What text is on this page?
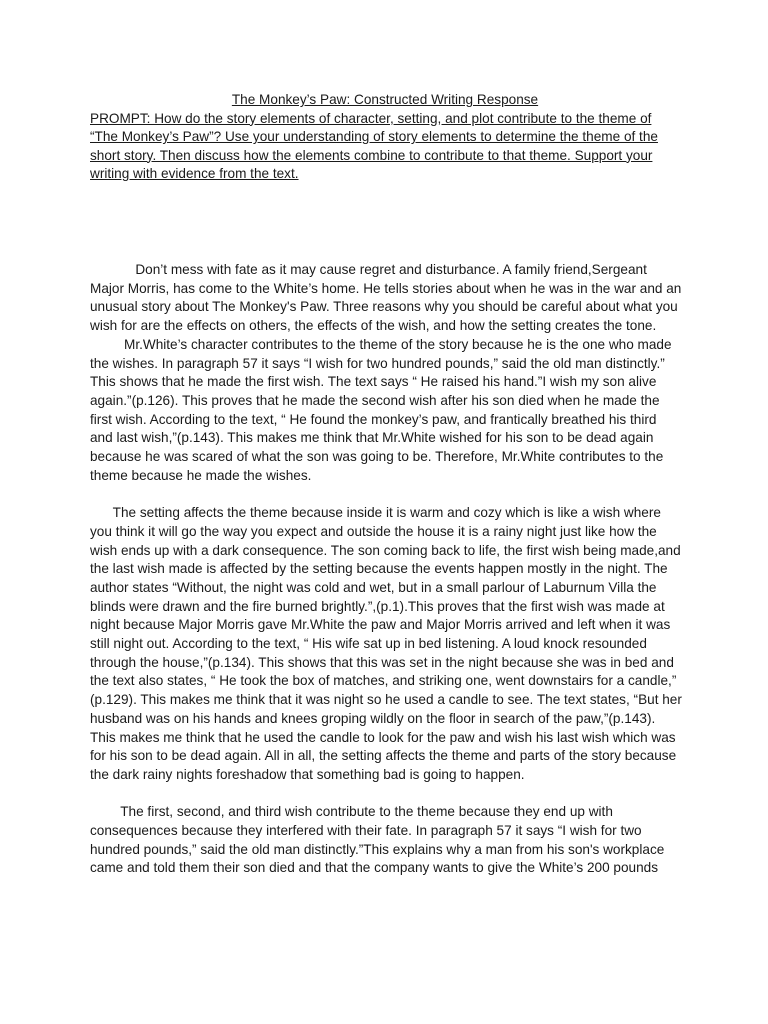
The Monkey’s Paw: Constructed Writing Response

PROMPT: How do the story elements of character, setting, and plot contribute to the theme of “The Monkey’s Paw”? Use your understanding of story elements to determine the theme of the short story. Then discuss how the elements combine to contribute to that theme. Support your writing with evidence from the text.

Don’t mess with fate as it may cause regret and disturbance. A family friend,Sergeant Major Morris, has come to the White’s home. He tells stories about when he was in the war and an unusual story about The Monkey's Paw. Three reasons why you should be careful about what you wish for are the effects on others, the effects of the wish, and how the setting creates the tone.

Mr.White’s character contributes to the theme of the story because he is the one who made the wishes. In paragraph 57 it says “I wish for two hundred pounds,” said the old man distinctly.” This shows that he made the first wish. The text says “ He raised his hand.”I wish my son alive again.”(p.126). This proves that he made the second wish after his son died when he made the first wish. According to the text, “ He found the monkey’s paw, and frantically breathed his third and last wish,”(p.143). This makes me think that Mr.White wished for his son to be dead again because he was scared of what the son was going to be. Therefore, Mr.White contributes to the theme because he made the wishes.

The setting affects the theme because inside it is warm and cozy which is like a wish where you think it will go the way you expect and outside the house it is a rainy night just like how the wish ends up with a dark consequence. The son coming back to life, the first wish being made,and the last wish made is affected by the setting because the events happen mostly in the night. The author states “Without, the night was cold and wet, but in a small parlour of Laburnum Villa the blinds were drawn and the fire burned brightly.”,(p.1).This proves that the first wish was made at night because Major Morris gave Mr.White the paw and Major Morris arrived and left when it was still night out. According to the text, “ His wife sat up in bed listening. A loud knock resounded through the house,”(p.134). This shows that this was set in the night because she was in bed and the text also states, “ He took the box of matches, and striking one, went downstairs for a candle,” (p.129). This makes me think that it was night so he used a candle to see. The text states, “But her husband was on his hands and knees groping wildly on the floor in search of the paw,”(p.143). This makes me think that he used the candle to look for the paw and wish his last wish which was for his son to be dead again. All in all, the setting affects the theme and parts of the story because the dark rainy nights foreshadow that something bad is going to happen.

The first, second, and third wish contribute to the theme because they end up with consequences because they interfered with their fate. In paragraph 57 it says “I wish for two hundred pounds,” said the old man distinctly.”This explains why a man from his son's workplace came and told them their son died and that the company wants to give the White’s 200 pounds
